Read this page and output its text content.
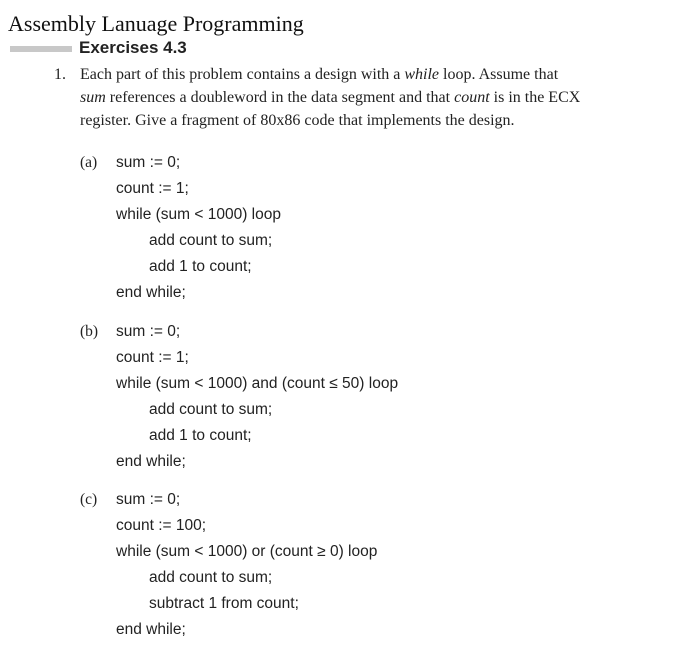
Assembly Lanuage Programming
Exercises 4.3
1. Each part of this problem contains a design with a while loop. Assume that
sum references a doubleword in the data segment and that count is in the ECX
register. Give a fragment of 80x86 code that implements the design.
(a) sum := 0;
count := 1;
while (sum < 1000) loop
add count to sum;
add 1 to count;
end while;
(b) sum := 0;
count := 1;
while (sum < 1000) and (count ≤ 50) loop
add count to sum;
add 1 to count;
end while;
(c) sum := 0;
count := 100;
while (sum < 1000) or (count ≥ 0) loop
add count to sum;
subtract 1 from count;
end while;
